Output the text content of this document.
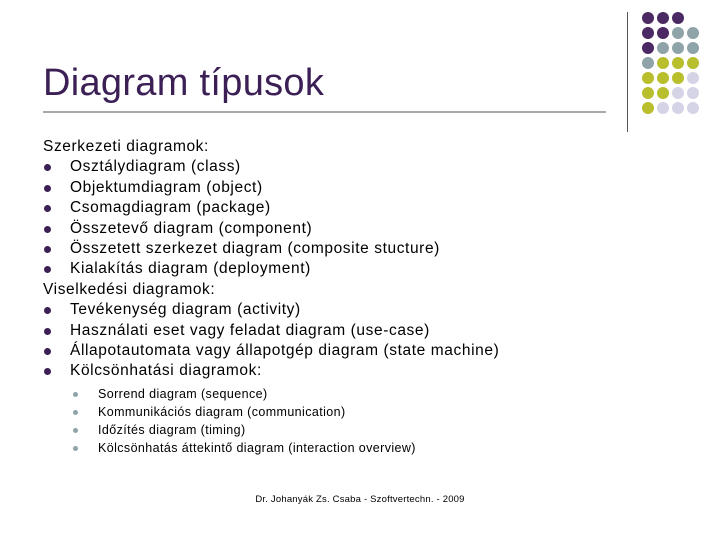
Diagram típusok
Szerkezeti diagramok:
Osztálydiagram (class)
Objektumdiagram (object)
Csomagdiagram (package)
Összetevő diagram (component)
Összetett szerkezet diagram (composite stucture)
Kialakítás diagram (deployment)
Viselkedési diagramok:
Tevékenység diagram (activity)
Használati eset vagy feladat diagram (use-case)
Állapotautomata vagy állapotgép diagram (state machine)
Kölcsönhatási diagramok:
Sorrend diagram (sequence)
Kommunikációs diagram (communication)
Időzítés diagram (timing)
Kölcsönhatás áttekintő diagram (interaction overview)
Dr. Johanyák Zs. Csaba - Szoftvertechn. - 2009
